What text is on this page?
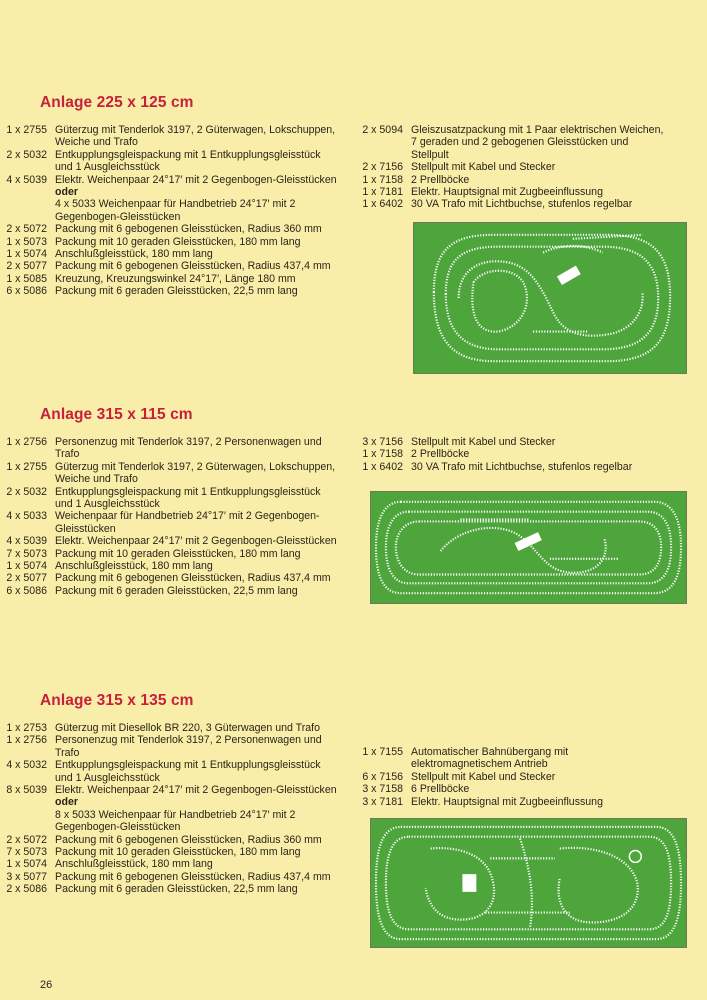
Anlage 225 x 125 cm
1 x 2755 Güterzug mit Tenderlok 3197, 2 Güterwagen, Lokschuppen, Weiche und Trafo
2 x 5032 Entkupplungsgleispackung mit 1 Entkupplungsgleisstück und 1 Ausgleichsstück
4 x 5039 Elektr. Weichenpaar 24°17′ mit 2 Gegenbogen-Gleisstücken
oder
4 x 5033 Weichenpaar für Handbetrieb 24°17′ mit 2 Gegenbogen-Gleisstücken
2 x 5072 Packung mit 6 gebogenen Gleisstücken, Radius 360 mm
1 x 5073 Packung mit 10 geraden Gleisstücken, 180 mm lang
1 x 5074 Anschlußgleisstück, 180 mm lang
2 x 5077 Packung mit 6 gebogenen Gleisstücken, Radius 437,4 mm
1 x 5085 Kreuzung, Kreuzungswinkel 24°17′, Länge 180 mm
6 x 5086 Packung mit 6 geraden Gleisstücken, 22,5 mm lang
2 x 5094 Gleiszusatzpackung mit 1 Paar elektrischen Weichen, 7 geraden und 2 gebogenen Gleisstücken und Stellpult
2 x 7156 Stellpult mit Kabel und Stecker
1 x 7158 2 Prellböcke
1 x 7181 Elektr. Hauptsignal mit Zugbeeinflussung
1 x 6402 30 VA Trafo mit Lichtbuchse, stufenlos regelbar
Anlage 315 x 115 cm
1 x 2756 Personenzug mit Tenderlok 3197, 2 Personenwagen und Trafo
1 x 2755 Güterzug mit Tenderlok 3197, 2 Güterwagen, Lokschuppen, Weiche und Trafo
2 x 5032 Entkupplungsgleispackung mit 1 Entkupplungsgleisstück und 1 Ausgleichsstück
4 x 5033 Weichenpaar für Handbetrieb 24°17′ mit 2 Gegenbogen-Gleisstücken
4 x 5039 Elektr. Weichenpaar 24°17′ mit 2 Gegenbogen-Gleisstücken
7 x 5073 Packung mit 10 geraden Gleisstücken, 180 mm lang
1 x 5074 Anschlußgleisstück, 180 mm lang
2 x 5077 Packung mit 6 gebogenen Gleisstücken, Radius 437,4 mm
6 x 5086 Packung mit 6 geraden Gleisstücken, 22,5 mm lang
3 x 7156 Stellpult mit Kabel und Stecker
1 x 7158 2 Prellböcke
1 x 6402 30 VA Trafo mit Lichtbuchse, stufenlos regelbar
Anlage 315 x 135 cm
1 x 2753 Güterzug mit Diesellok BR 220, 3 Güterwagen und Trafo
1 x 2756 Personenzug mit Tenderlok 3197, 2 Personenwagen und Trafo
4 x 5032 Entkupplungsgleispackung mit 1 Entkupplungsgleisstück und 1 Ausgleichsstück
8 x 5039 Elektr. Weichenpaar 24°17′ mit 2 Gegenbogen-Gleisstücken
oder
8 x 5033 Weichenpaar für Handbetrieb 24°17′ mit 2 Gegenbogen-Gleisstücken
2 x 5072 Packung mit 6 gebogenen Gleisstücken, Radius 360 mm
7 x 5073 Packung mit 10 geraden Gleisstücken, 180 mm lang
1 x 5074 Anschlußgleisstück, 180 mm lang
3 x 5077 Packung mit 6 gebogenen Gleisstücken, Radius 437,4 mm
2 x 5086 Packung mit 6 geraden Gleisstücken, 22,5 mm lang
1 x 7155 Automatischer Bahnübergang mit elektromagnetischem Antrieb
6 x 7156 Stellpult mit Kabel und Stecker
3 x 7158 6 Prellböcke
3 x 7181 Elektr. Hauptsignal mit Zugbeeinflussung
26
